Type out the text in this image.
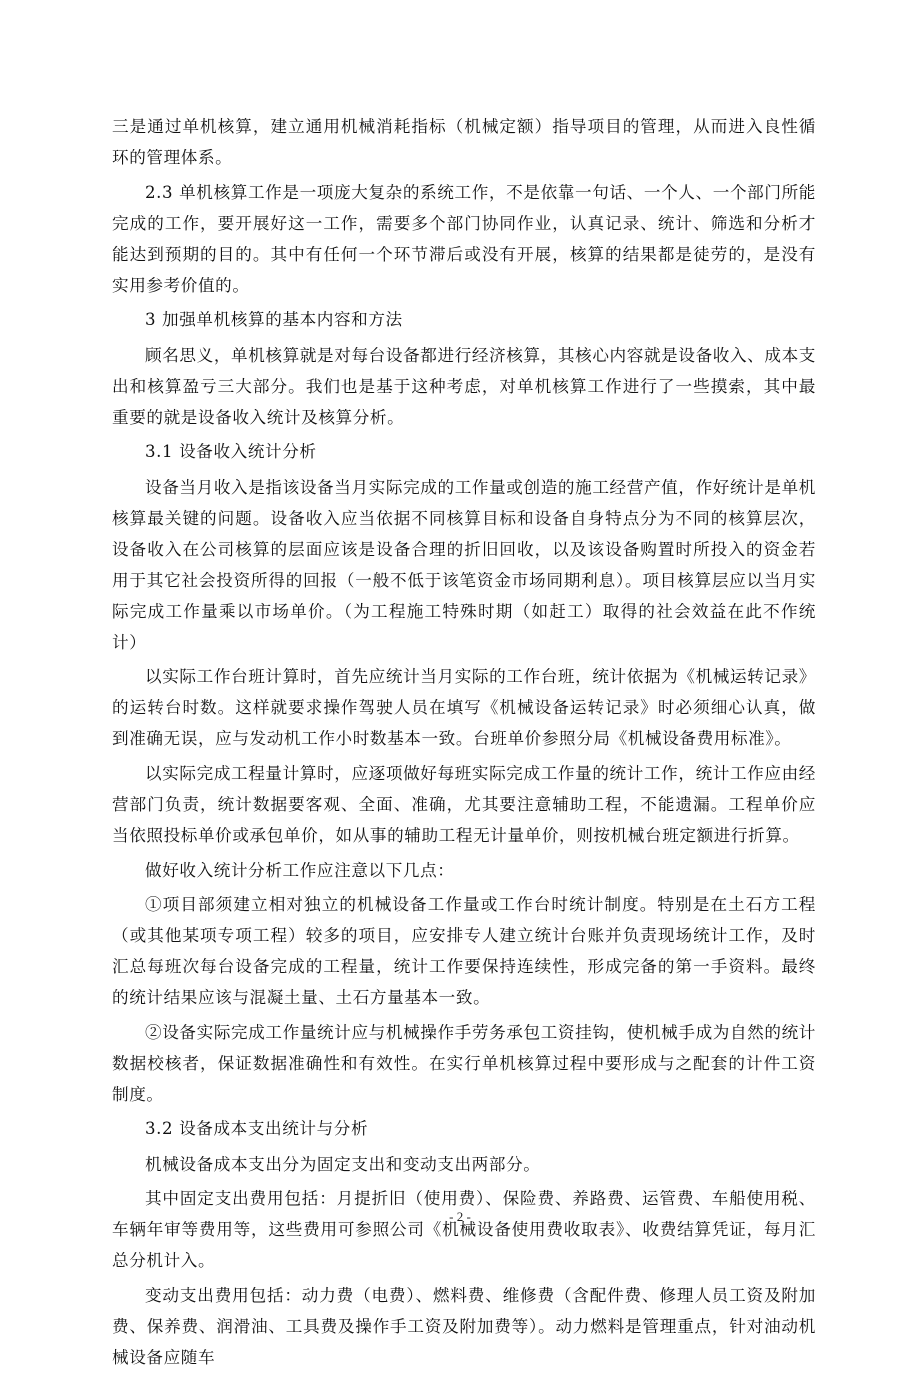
三是通过单机核算，建立通用机械消耗指标（机械定额）指导项目的管理，从而进入良性循环的管理体系。

2.3 单机核算工作是一项庞大复杂的系统工作，不是依靠一句话、一个人、一个部门所能完成的工作，要开展好这一工作，需要多个部门协同作业，认真记录、统计、筛选和分析才能达到预期的目的。其中有任何一个环节滞后或没有开展，核算的结果都是徒劳的，是没有实用参考价值的。

3 加强单机核算的基本内容和方法

顾名思义，单机核算就是对每台设备都进行经济核算，其核心内容就是设备收入、成本支出和核算盈亏三大部分。我们也是基于这种考虑，对单机核算工作进行了一些摸索，其中最重要的就是设备收入统计及核算分析。

3.1 设备收入统计分析

设备当月收入是指该设备当月实际完成的工作量或创造的施工经营产值，作好统计是单机核算最关键的问题。设备收入应当依据不同核算目标和设备自身特点分为不同的核算层次，设备收入在公司核算的层面应该是设备合理的折旧回收，以及该设备购置时所投入的资金若用于其它社会投资所得的回报（一般不低于该笔资金市场同期利息）。项目核算层应以当月实际完成工作量乘以市场单价。（为工程施工特殊时期（如赶工）取得的社会效益在此不作统计）

以实际工作台班计算时，首先应统计当月实际的工作台班，统计依据为《机械运转记录》的运转台时数。这样就要求操作驾驶人员在填写《机械设备运转记录》时必须细心认真，做到准确无误，应与发动机工作小时数基本一致。台班单价参照分局《机械设备费用标准》。

以实际完成工程量计算时，应逐项做好每班实际完成工作量的统计工作，统计工作应由经营部门负责，统计数据要客观、全面、准确，尤其要注意辅助工程，不能遗漏。工程单价应当依照投标单价或承包单价，如从事的辅助工程无计量单价，则按机械台班定额进行折算。

做好收入统计分析工作应注意以下几点：

①项目部须建立相对独立的机械设备工作量或工作台时统计制度。特别是在土石方工程（或其他某项专项工程）较多的项目，应安排专人建立统计台账并负责现场统计工作，及时汇总每班次每台设备完成的工程量，统计工作要保持连续性，形成完备的第一手资料。最终的统计结果应该与混凝土量、土石方量基本一致。

②设备实际完成工作量统计应与机械操作手劳务承包工资挂钩，使机械手成为自然的统计数据校核者，保证数据准确性和有效性。在实行单机核算过程中要形成与之配套的计件工资制度。

3.2 设备成本支出统计与分析

机械设备成本支出分为固定支出和变动支出两部分。

其中固定支出费用包括：月提折旧（使用费）、保险费、养路费、运管费、车船使用税、车辆年审等费用等，这些费用可参照公司《机械设备使用费收取表》、收费结算凭证，每月汇总分机计入。

变动支出费用包括：动力费（电费）、燃料费、维修费（含配件费、修理人员工资及附加费、保养费、润滑油、工具费及操作手工资及附加费等）。动力燃料是管理重点，针对油动机械设备应随车

- 2 -
